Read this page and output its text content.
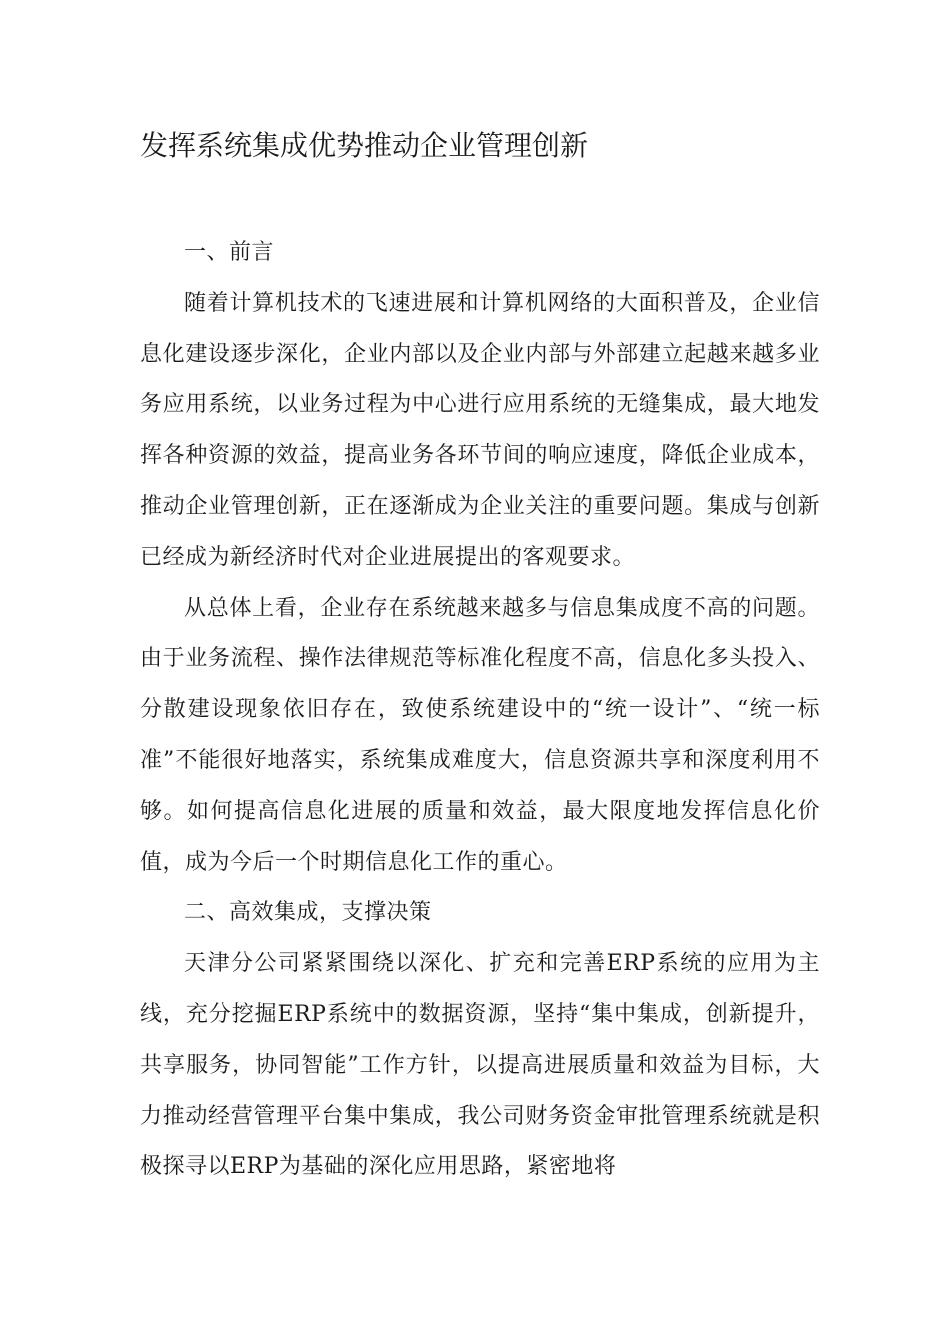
发挥系统集成优势推动企业管理创新

一、前言

随着计算机技术的飞速进展和计算机网络的大面积普及，企业信息化建设逐步深化，企业内部以及企业内部与外部建立起越来越多业务应用系统，以业务过程为中心进行应用系统的无缝集成，最大地发挥各种资源的效益，提高业务各环节间的响应速度，降低企业成本，推动企业管理创新，正在逐渐成为企业关注的重要问题。集成与创新已经成为新经济时代对企业进展提出的客观要求。

从总体上看，企业存在系统越来越多与信息集成度不高的问题。由于业务流程、操作法律规范等标准化程度不高，信息化多头投入、分散建设现象依旧存在，致使系统建设中的“统一设计”、“统一标准”不能很好地落实，系统集成难度大，信息资源共享和深度利用不够。如何提高信息化进展的质量和效益，最大限度地发挥信息化价值，成为今后一个时期信息化工作的重心。

二、高效集成，支撑决策

天津分公司紧紧围绕以深化、扩充和完善ERP系统的应用为主线，充分挖掘ERP系统中的数据资源，坚持“集中集成，创新提升，共享服务，协同智能”工作方针，以提高进展质量和效益为目标，大力推动经营管理平台集中集成，我公司财务资金审批管理系统就是积极探寻以ERP为基础的深化应用思路，紧密地将
